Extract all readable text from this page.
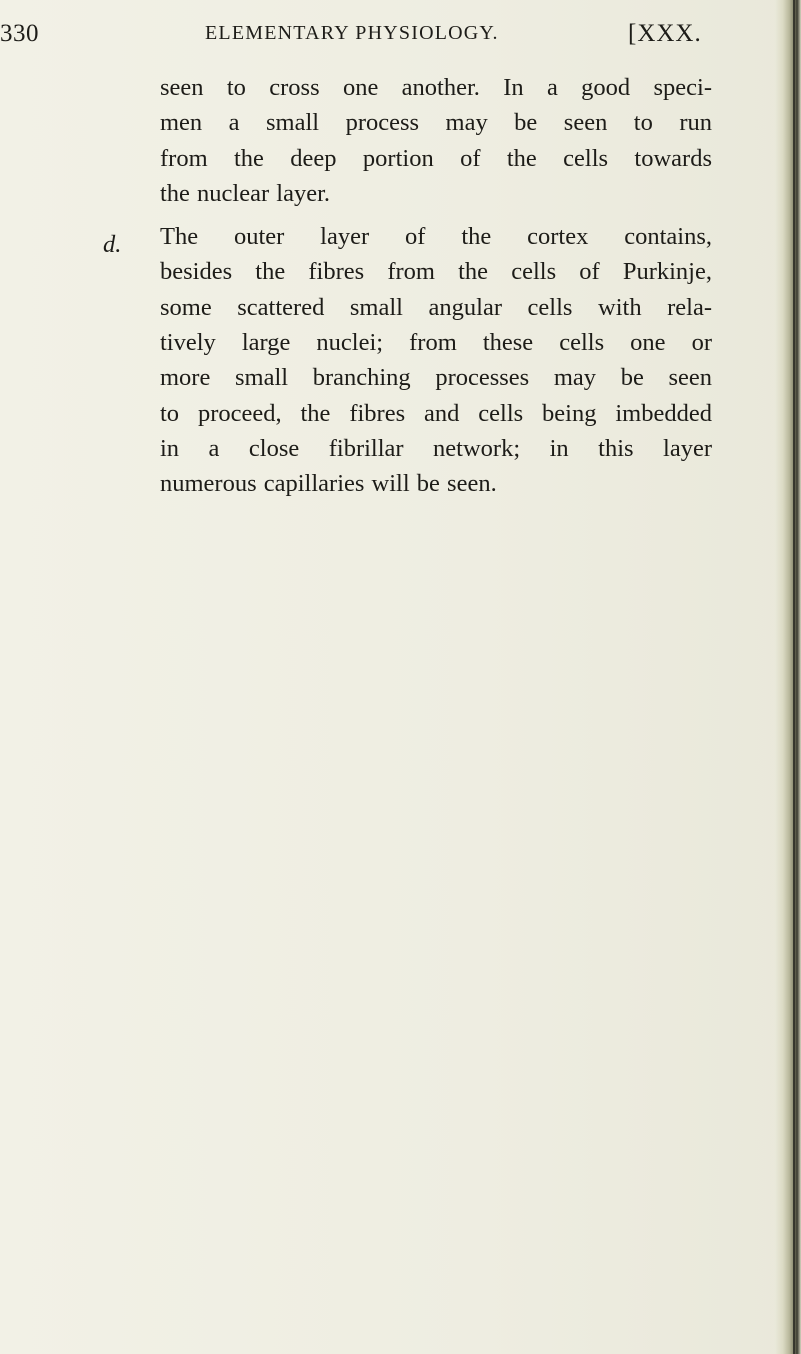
330	ELEMENTARY PHYSIOLOGY.	[XXX.
d.
seen to cross one another. In a good speci-
men a small process may be seen to run
from the deep portion of the cells towards
the nuclear layer.
The outer layer of the cortex contains,
besides the fibres from the cells of Purkinje,
some scattered small angular cells with rela-
tively large nuclei; from these cells one or
more small branching processes may be seen
to proceed, the fibres and cells being imbedded
in a close fibrillar network; in this layer
numerous capillaries will be seen.
